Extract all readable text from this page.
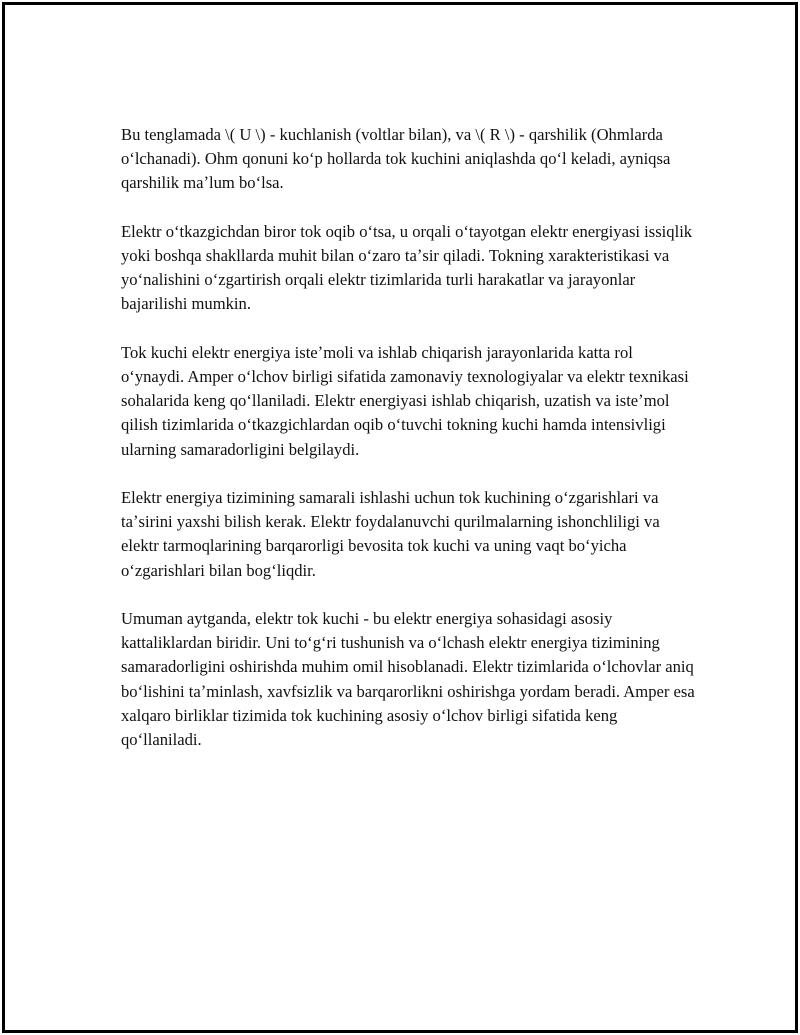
Bu tenglamada \( U \) - kuchlanish (voltlar bilan), va \( R \) - qarshilik (Ohmlarda oʻlchanadi). Ohm qonuni koʻp hollarda tok kuchini aniqlashda qoʻl keladi, ayniqsa qarshilik maʼlum boʻlsa.

Elektr oʻtkazgichdan biror tok oqib oʻtsa, u orqali oʻtayotgan elektr energiyasi issiqlik yoki boshqa shakllarda muhit bilan oʻzaro taʼsir qiladi. Tokning xarakteristikasi va yoʻnalishini oʻzgartirish orqali elektr tizimlarida turli harakatlar va jarayonlar bajarilishi mumkin.

Tok kuchi elektr energiya isteʼmoli va ishlab chiqarish jarayonlarida katta rol oʻynaydi. Amper oʻlchov birligi sifatida zamonaviy texnologiyalar va elektr texnikasi sohalarida keng qoʻllaniladi. Elektr energiyasi ishlab chiqarish, uzatish va isteʼmol qilish tizimlarida oʻtkazgichlardan oqib oʻtuvchi tokning kuchi hamda intensivligi ularning samaradorligini belgilaydi.

Elektr energiya tizimining samarali ishlashi uchun tok kuchining oʻzgarishlari va taʼsirini yaxshi bilish kerak. Elektr foydalanuvchi qurilmalarning ishonchliligi va elektr tarmoqlarining barqarorligi bevosita tok kuchi va uning vaqt boʻyicha oʻzgarishlari bilan bogʻliqdir.

Umuman aytganda, elektr tok kuchi - bu elektr energiya sohasidagi asosiy kattaliklardan biridir. Uni toʻgʻri tushunish va oʻlchash elektr energiya tizimining samaradorligini oshirishda muhim omil hisoblanadi. Elektr tizimlarida oʻlchovlar aniq boʻlishini taʼminlash, xavfsizlik va barqarorlikni oshirishga yordam beradi. Amper esa xalqaro birliklar tizimida tok kuchining asosiy oʻlchov birligi sifatida keng qoʻllaniladi.
